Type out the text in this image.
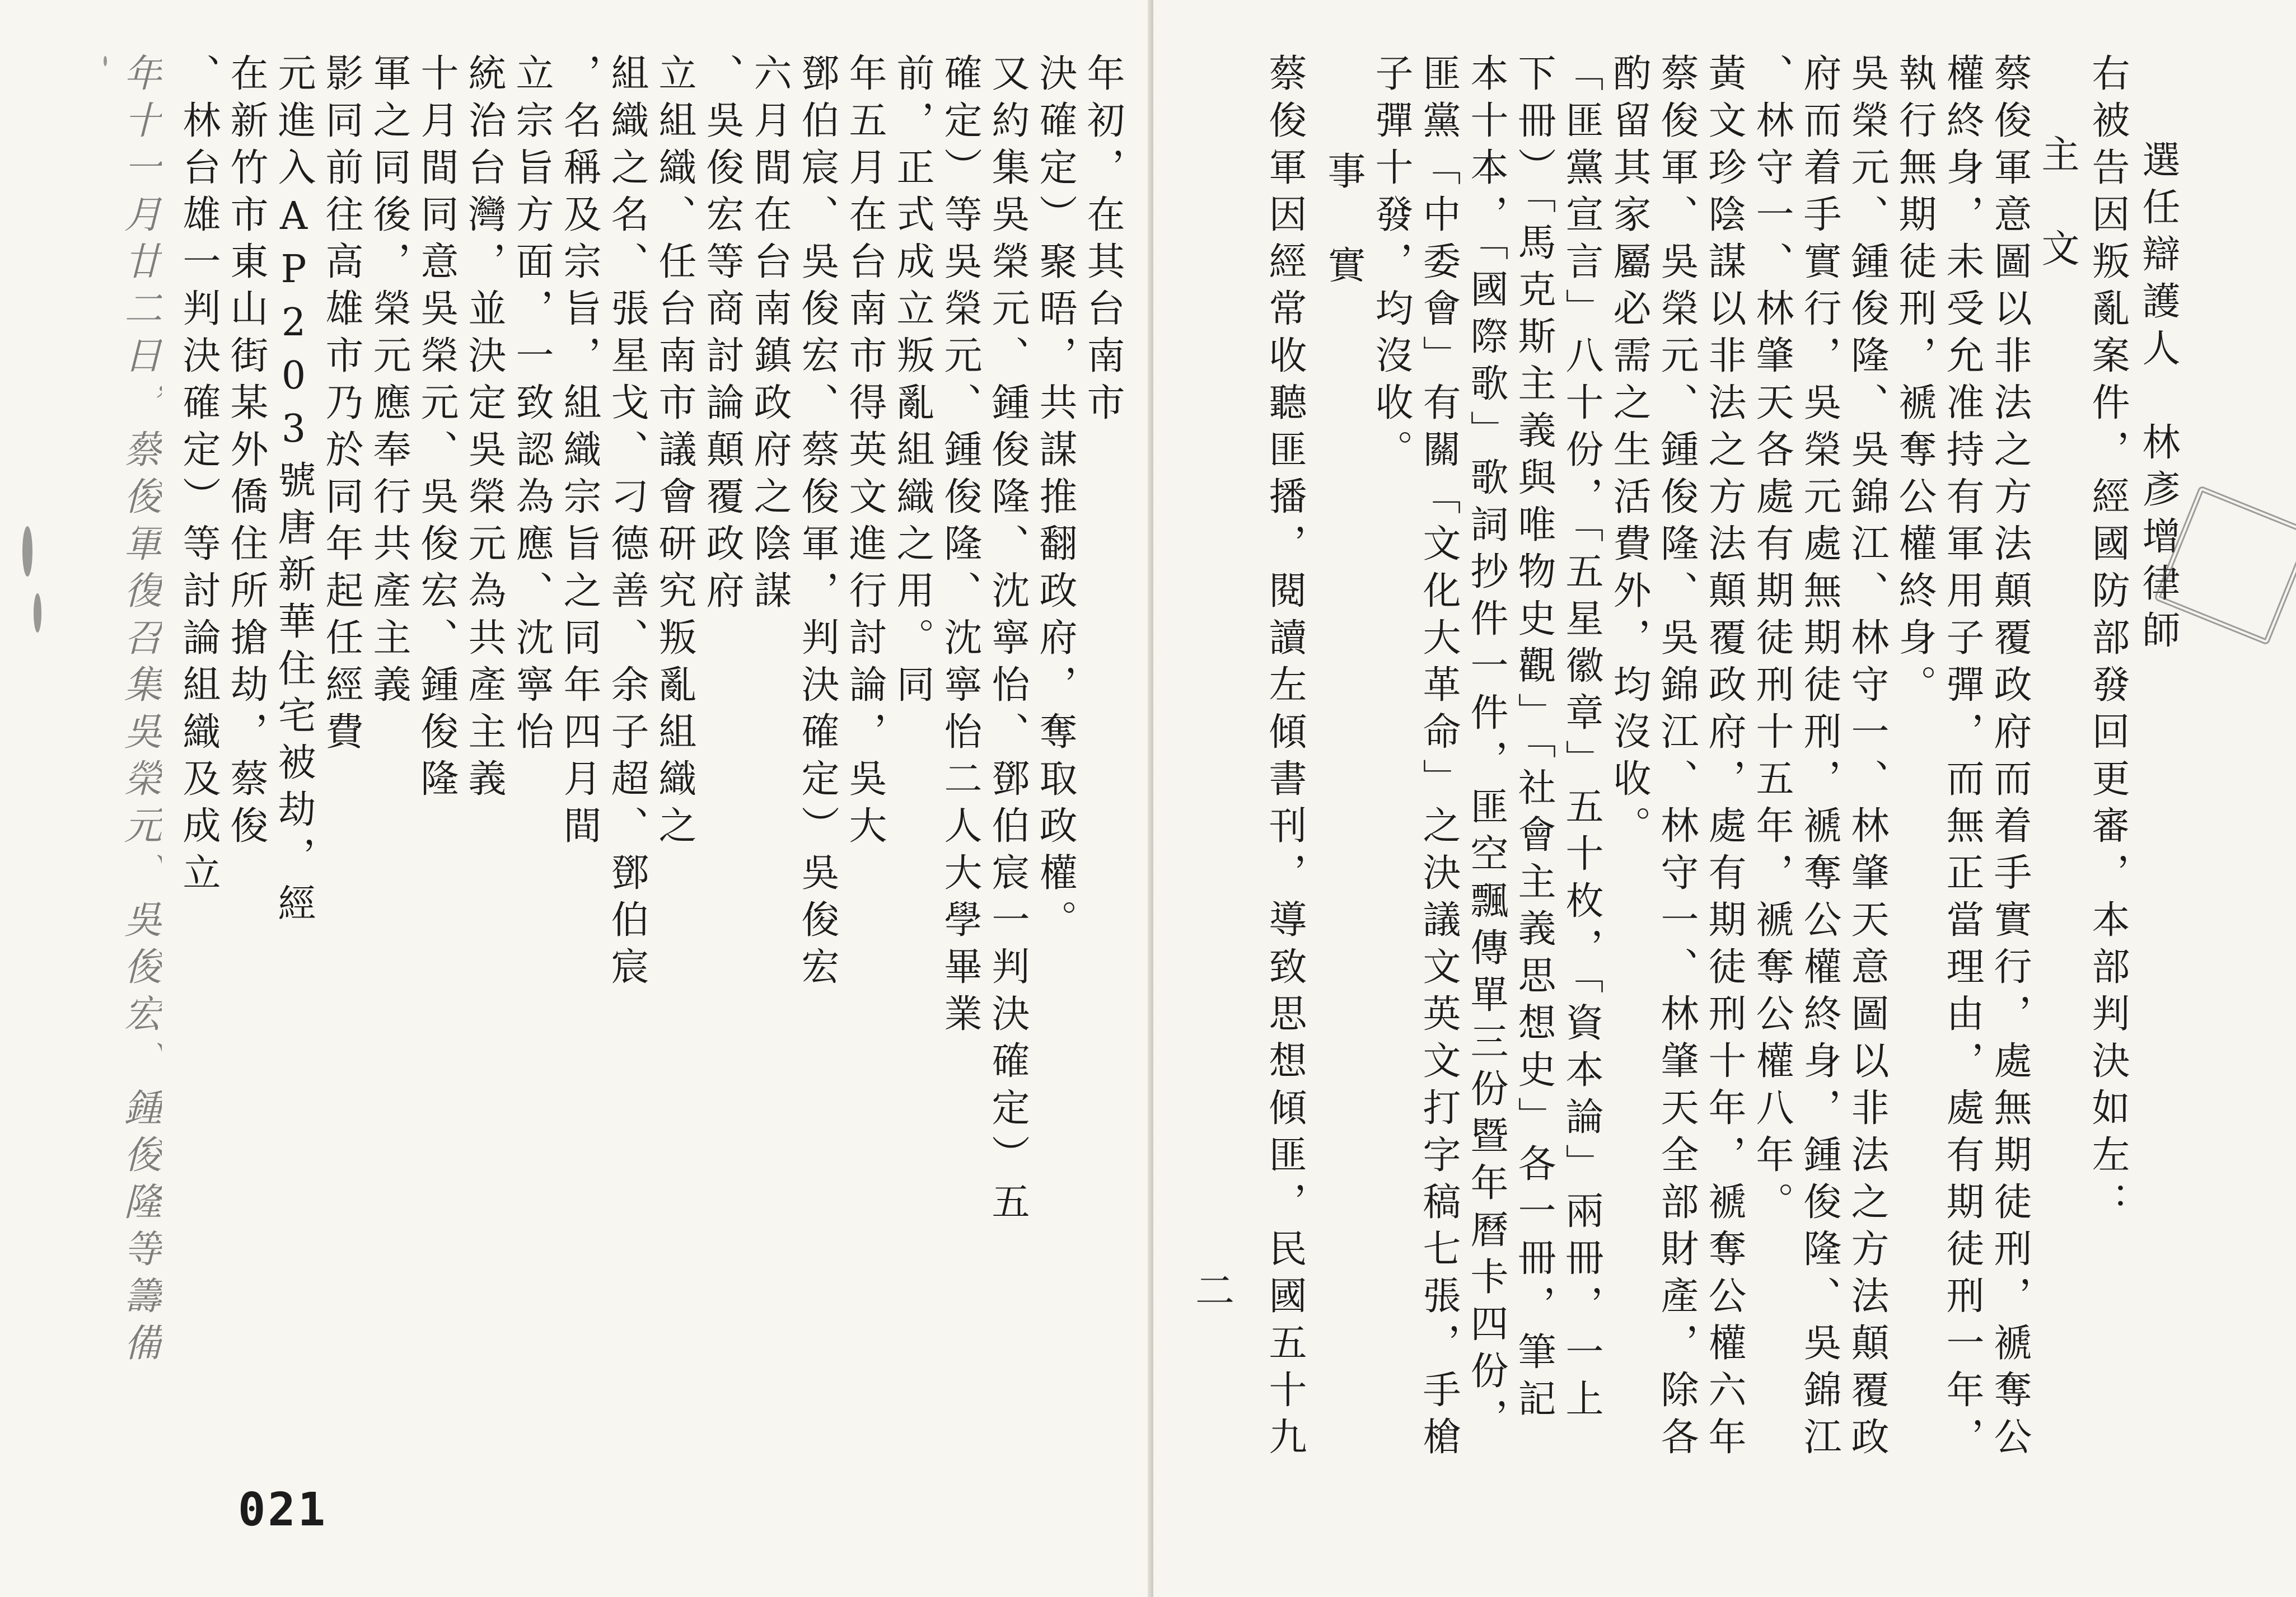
年初，在其台南市
決確定）聚晤，共謀推翻政府，奪取政權。
又約集吳榮元、鍾俊隆、沈寧怡、鄧伯宸一判決確定）五
確定）等吳榮元、鍾俊隆、沈寧怡二人大學畢業
前，正式成立叛亂組織之用。同
年五月在台南市得英文進行討論，吳大
鄧伯宸、吳俊宏、蔡俊軍，判決確定）吳俊宏
六月間在台南鎮政府之陰謀
、吳俊宏等商討論顛覆政府
立組織、任台南市議會研究叛亂組織之
組織之名、張星戈、刁德善、余子超、鄧伯宸
，名稱及宗旨，組織宗旨之同年四月間
立宗旨方面，一致認為應、沈寧怡
統治台灣，並決定吳榮元為共產主義
十月間同意吳榮元、吳俊宏、鍾俊隆
軍之同後，榮元應奉行共產主義
影同前往高雄市乃於同年起任經費
元進入AP203號唐新華住宅被劫，經
在新竹市東山街某外僑住所搶劫，蔡俊
、林台雄一判決確定）等討論組織及成立
年十一月廿二日，蔡俊軍復召集吳榮元、吳俊宏、鍾俊隆等籌備
021
右被告因叛亂案件，經國防部發回更審，本部判決如左： 選任辯護人　林彥增律師
主　文
蔡俊軍意圖以非法之方法顛覆政府而着手實行，處無期徒刑，褫奪公
權終身，未受允准持有軍用子彈，而無正當理由，處有期徒刑一年，
執行無期徒刑，褫奪公權終身。
吳榮元、鍾俊隆、吳錦江、林守一、林肇天意圖以非法之方法顛覆政
府而着手實行，吳榮元處無期徒刑，褫奪公權終身，鍾俊隆、吳錦江
、林守一、林肇天各處有期徒刑十五年，褫奪公權八年。
黃文珍陰謀以非法之方法顛覆政府，處有期徒刑十年，褫奪公權六年
蔡俊軍、吳榮元、鍾俊隆、吳錦江、林守一、林肇天全部財產，除各
酌留其家屬必需之生活費外，均沒收。
「匪黨宣言」八十份，「五星徽章」五十枚，「資本論」兩冊，一上
下冊）「馬克斯主義與唯物史觀」「社會主義思想史」各一冊，筆記
本十本，「國際歌」歌詞抄件一件，匪空飄傳單三份暨年曆卡四份，
匪黨「中委會」有關「文化大革命」之決議文英文打字稿七張，手槍
子彈十發，均沒收。
事　實
蔡俊軍因經常收聽匪播，閱讀左傾書刊，導致思想傾匪，民國五十九
二
